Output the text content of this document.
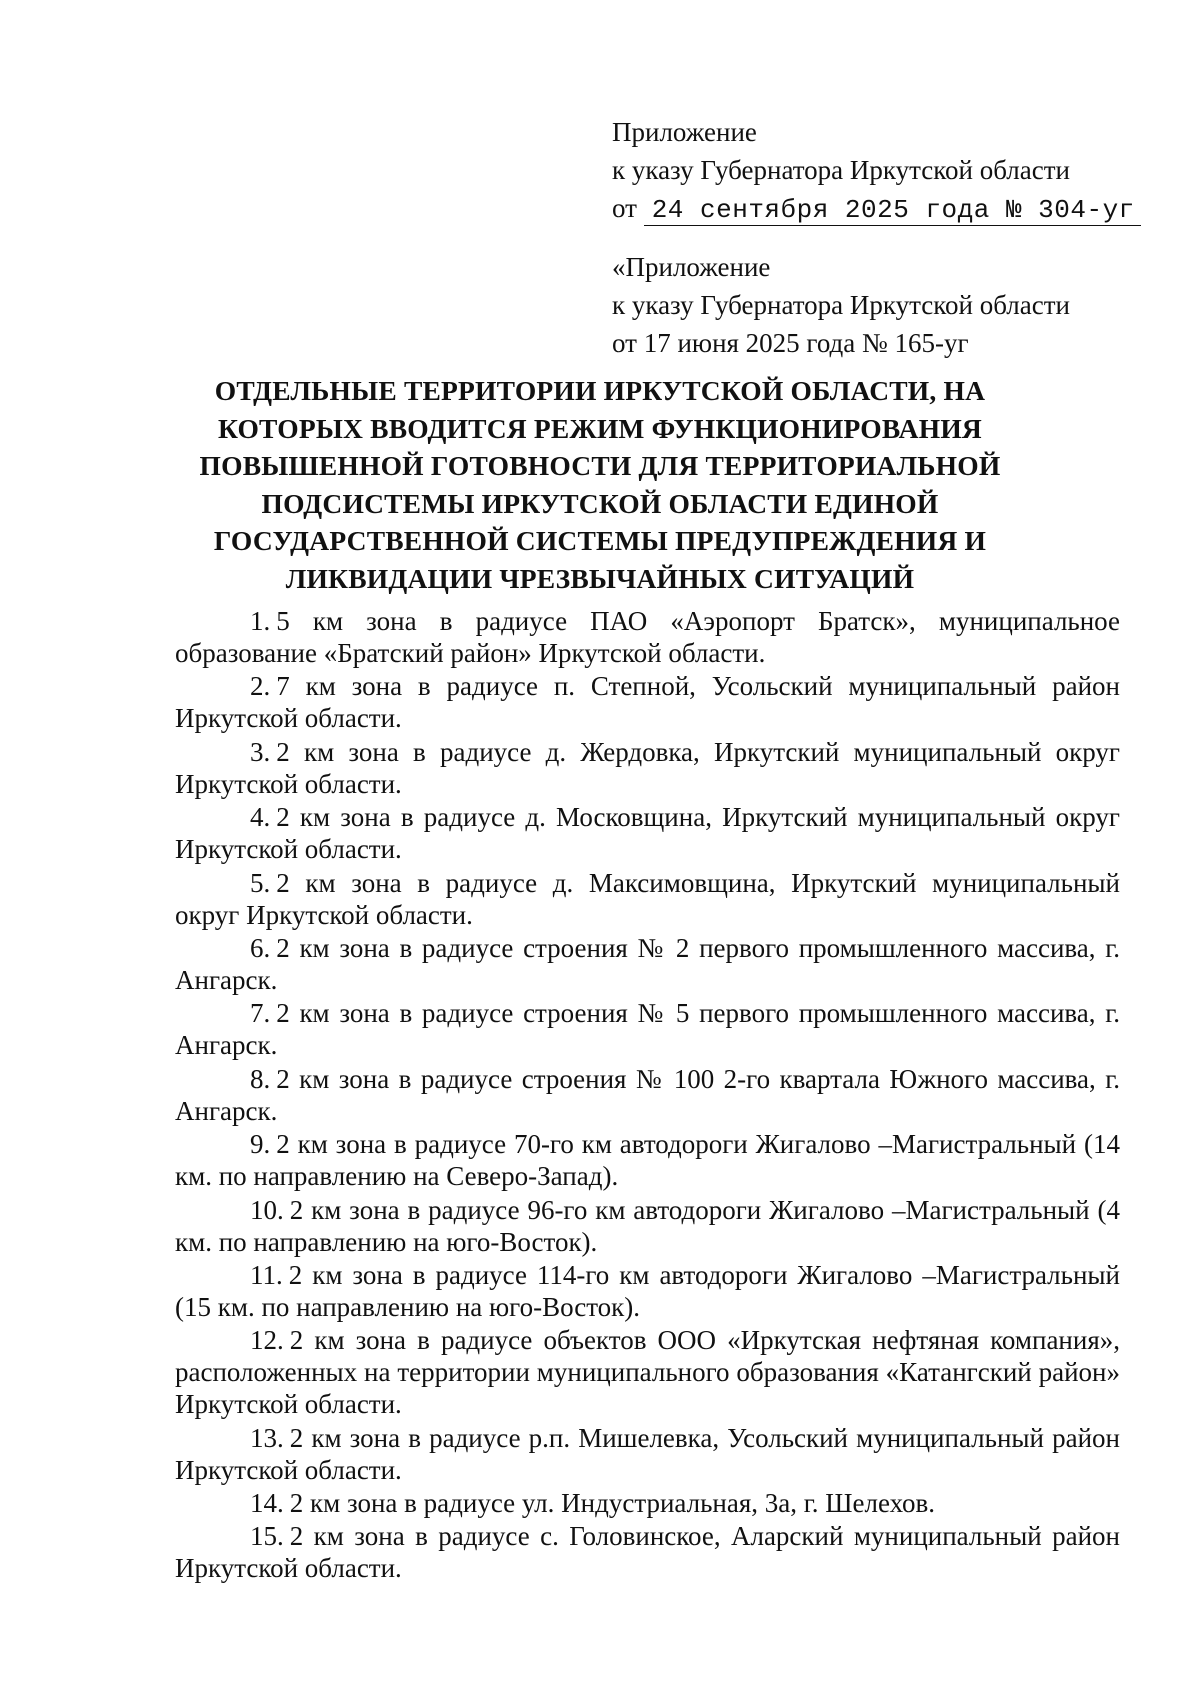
Приложение
к указу Губернатора Иркутской области
от 24 сентября 2025 года № 304-уг
«Приложение
к указу Губернатора Иркутской области
от 17 июня 2025 года № 165-уг
ОТДЕЛЬНЫЕ ТЕРРИТОРИИ ИРКУТСКОЙ ОБЛАСТИ, НА
КОТОРЫХ ВВОДИТСЯ РЕЖИМ ФУНКЦИОНИРОВАНИЯ
ПОВЫШЕННОЙ ГОТОВНОСТИ ДЛЯ ТЕРРИТОРИАЛЬНОЙ
ПОДСИСТЕМЫ ИРКУТСКОЙ ОБЛАСТИ ЕДИНОЙ
ГОСУДАРСТВЕННОЙ СИСТЕМЫ ПРЕДУПРЕЖДЕНИЯ И
ЛИКВИДАЦИИ ЧРЕЗВЫЧАЙНЫХ СИТУАЦИЙ

1. 5 км зона в радиусе ПАО «Аэропорт Братск», муниципальное образование «Братский район» Иркутской области.

2. 7 км зона в радиусе п. Степной, Усольский муниципальный район Иркутской области.

3. 2 км зона в радиусе д. Жердовка, Иркутский муниципальный округ Иркутской области.

4. 2 км зона в радиусе д. Московщина, Иркутский муниципальный округ Иркутской области.

5. 2 км зона в радиусе д. Максимовщина, Иркутский муниципальный округ Иркутской области.

6. 2 км зона в радиусе строения № 2 первого промышленного массива, г. Ангарск.

7. 2 км зона в радиусе строения № 5 первого промышленного массива, г. Ангарск.

8. 2 км зона в радиусе строения № 100 2-го квартала Южного массива, г. Ангарск.

9. 2 км зона в радиусе 70-го км автодороги Жигалово –Магистральный (14 км. по направлению на Северо-Запад).

10. 2 км зона в радиусе 96-го км автодороги Жигалово –Магистральный (4 км. по направлению на юго-Восток).

11. 2 км зона в радиусе 114-го км автодороги Жигалово –Магистральный (15 км. по направлению на юго-Восток).

12. 2 км зона в радиусе объектов ООО «Иркутская нефтяная компания», расположенных на территории муниципального образования «Катангский район» Иркутской области.

13. 2 км зона в радиусе р.п. Мишелевка, Усольский муниципальный район Иркутской области.

14. 2 км зона в радиусе ул. Индустриальная, 3а, г. Шелехов.

15. 2 км зона в радиусе с. Головинское, Аларский муниципальный район Иркутской области.
